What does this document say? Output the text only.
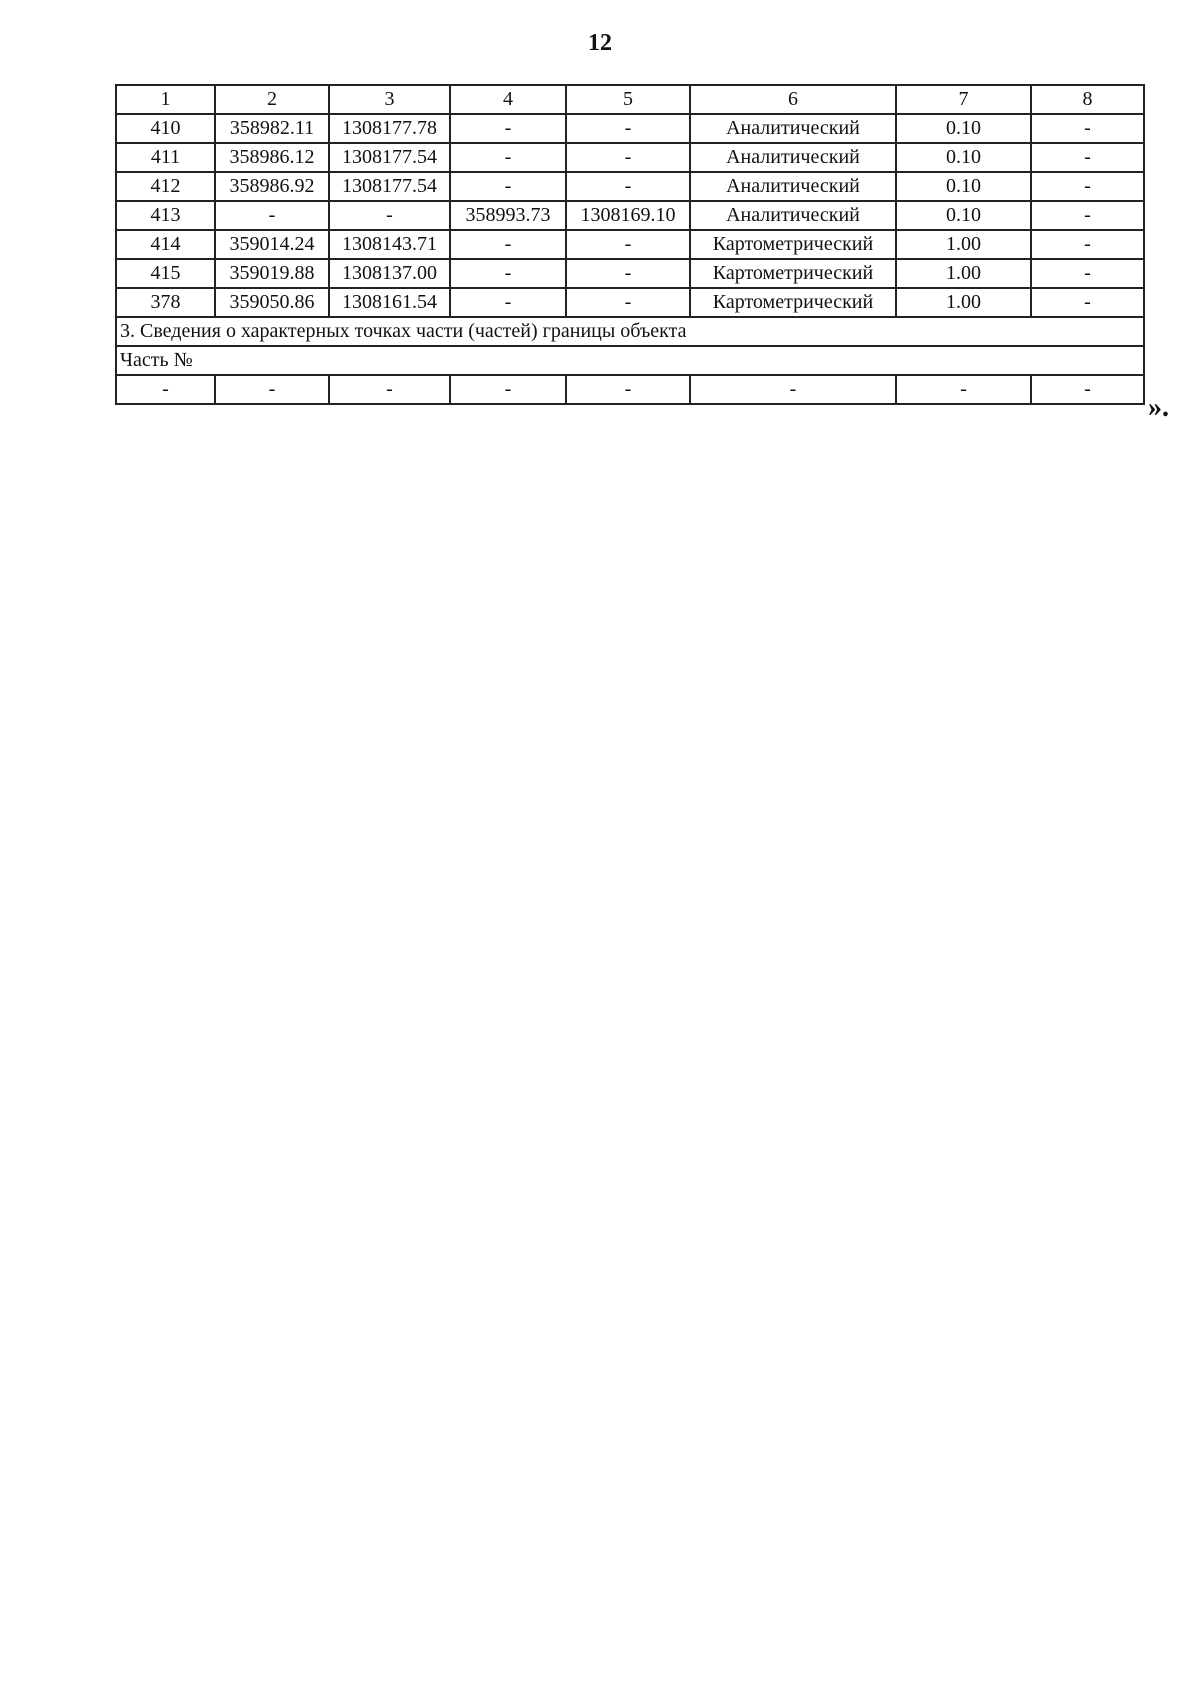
12
1	2	3	4	5	6	7	8
410	358982.11	1308177.78	-	-	Аналитический	0.10	-
411	358986.12	1308177.54	-	-	Аналитический	0.10	-
412	358986.92	1308177.54	-	-	Аналитический	0.10	-
413	-	-	358993.73	1308169.10	Аналитический	0.10	-
414	359014.24	1308143.71	-	-	Картометрический	1.00	-
415	359019.88	1308137.00	-	-	Картометрический	1.00	-
378	359050.86	1308161.54	-	-	Картометрический	1.00	-
3. Сведения о характерных точках части (частей) границы объекта							
Часть №							
-	-	-	-	-	-	-	-
».
